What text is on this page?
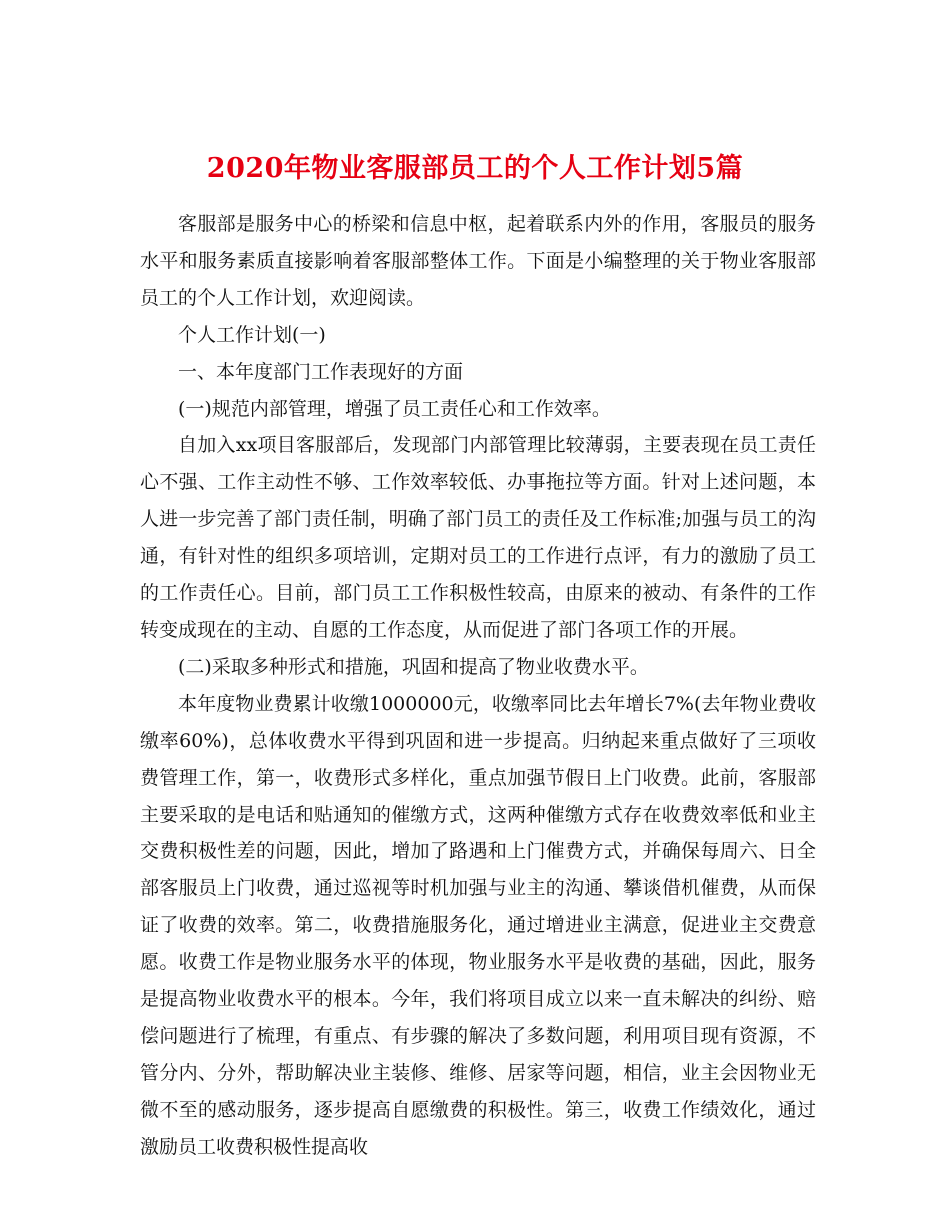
2020年物业客服部员工的个人工作计划5篇

客服部是服务中心的桥梁和信息中枢，起着联系内外的作用，客服员的服务水平和服务素质直接影响着客服部整体工作。下面是小编整理的关于物业客服部员工的个人工作计划，欢迎阅读。

个人工作计划(一)

一、本年度部门工作表现好的方面

(一)规范内部管理，增强了员工责任心和工作效率。

自加入xx项目客服部后，发现部门内部管理比较薄弱，主要表现在员工责任心不强、工作主动性不够、工作效率较低、办事拖拉等方面。针对上述问题，本人进一步完善了部门责任制，明确了部门员工的责任及工作标准;加强与员工的沟通，有针对性的组织多项培训，定期对员工的工作进行点评，有力的激励了员工的工作责任心。目前，部门员工工作积极性较高，由原来的被动、有条件的工作转变成现在的主动、自愿的工作态度，从而促进了部门各项工作的开展。

(二)采取多种形式和措施，巩固和提高了物业收费水平。

本年度物业费累计收缴1000000元，收缴率同比去年增长7%(去年物业费收缴率60%)，总体收费水平得到巩固和进一步提高。归纳起来重点做好了三项收费管理工作，第一，收费形式多样化，重点加强节假日上门收费。此前，客服部主要采取的是电话和贴通知的催缴方式，这两种催缴方式存在收费效率低和业主交费积极性差的问题，因此，增加了路遇和上门催费方式，并确保每周六、日全部客服员上门收费，通过巡视等时机加强与业主的沟通、攀谈借机催费，从而保证了收费的效率。第二，收费措施服务化，通过增进业主满意，促进业主交费意愿。收费工作是物业服务水平的体现，物业服务水平是收费的基础，因此，服务是提高物业收费水平的根本。今年，我们将项目成立以来一直未解决的纠纷、赔偿问题进行了梳理，有重点、有步骤的解决了多数问题，利用项目现有资源，不管分内、分外，帮助解决业主装修、维修、居家等问题，相信，业主会因物业无微不至的感动服务，逐步提高自愿缴费的积极性。第三，收费工作绩效化，通过激励员工收费积极性提高收
